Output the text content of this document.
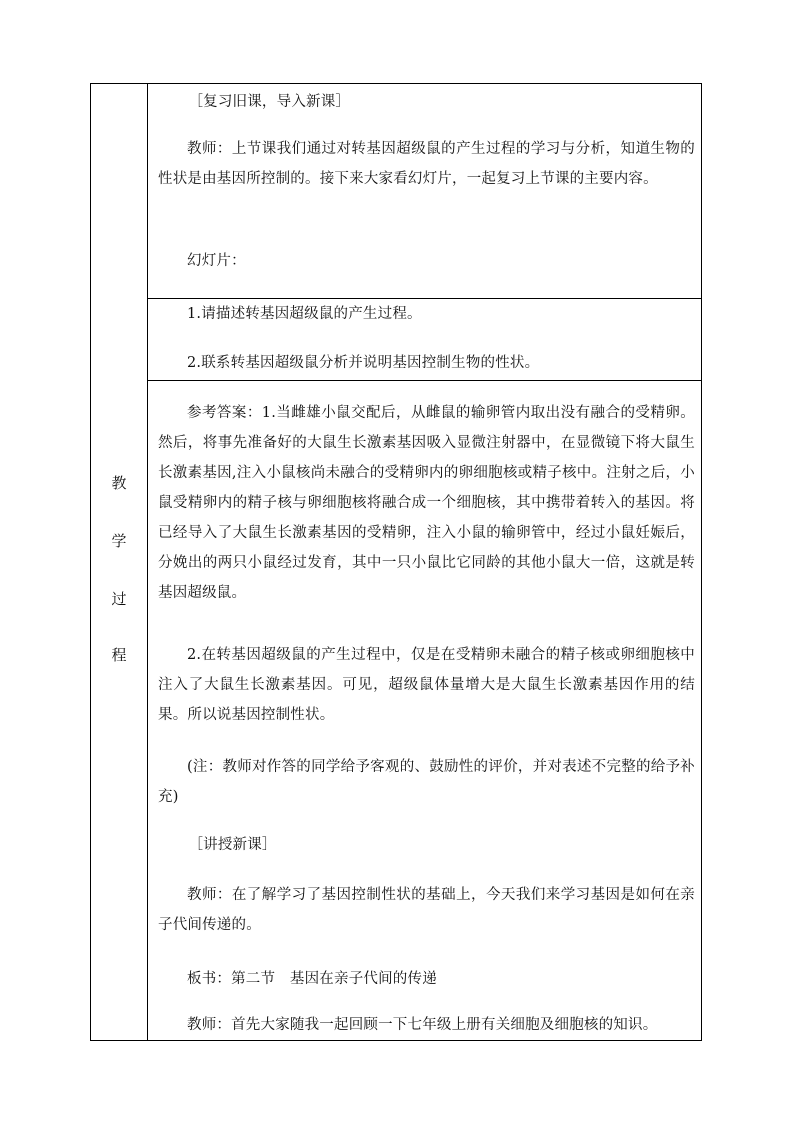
教
学
过
程
［复习旧课，导入新课］
教师：上节课我们通过对转基因超级鼠的产生过程的学习与分析，知道生物的性状是由基因所控制的。接下来大家看幻灯片，一起复习上节课的主要内容。
幻灯片：
1.请描述转基因超级鼠的产生过程。
2.联系转基因超级鼠分析并说明基因控制生物的性状。
参考答案：1.当雌雄小鼠交配后，从雌鼠的输卵管内取出没有融合的受精卵。然后，将事先准备好的大鼠生长激素基因吸入显微注射器中，在显微镜下将大鼠生长激素基因,注入小鼠核尚未融合的受精卵内的卵细胞核或精子核中。注射之后，小鼠受精卵内的精子核与卵细胞核将融合成一个细胞核，其中携带着转入的基因。将已经导入了大鼠生长激素基因的受精卵，注入小鼠的输卵管中，经过小鼠妊娠后，分娩出的两只小鼠经过发育，其中一只小鼠比它同龄的其他小鼠大一倍，这就是转基因超级鼠。
2.在转基因超级鼠的产生过程中，仅是在受精卵未融合的精子核或卵细胞核中注入了大鼠生长激素基因。可见，超级鼠体量增大是大鼠生长激素基因作用的结果。所以说基因控制性状。
(注：教师对作答的同学给予客观的、鼓励性的评价，并对表述不完整的给予补充)
［讲授新课］
教师：在了解学习了基因控制性状的基础上，今天我们来学习基因是如何在亲子代间传递的。
板书：第二节　基因在亲子代间的传递
教师：首先大家随我一起回顾一下七年级上册有关细胞及细胞核的知识。
